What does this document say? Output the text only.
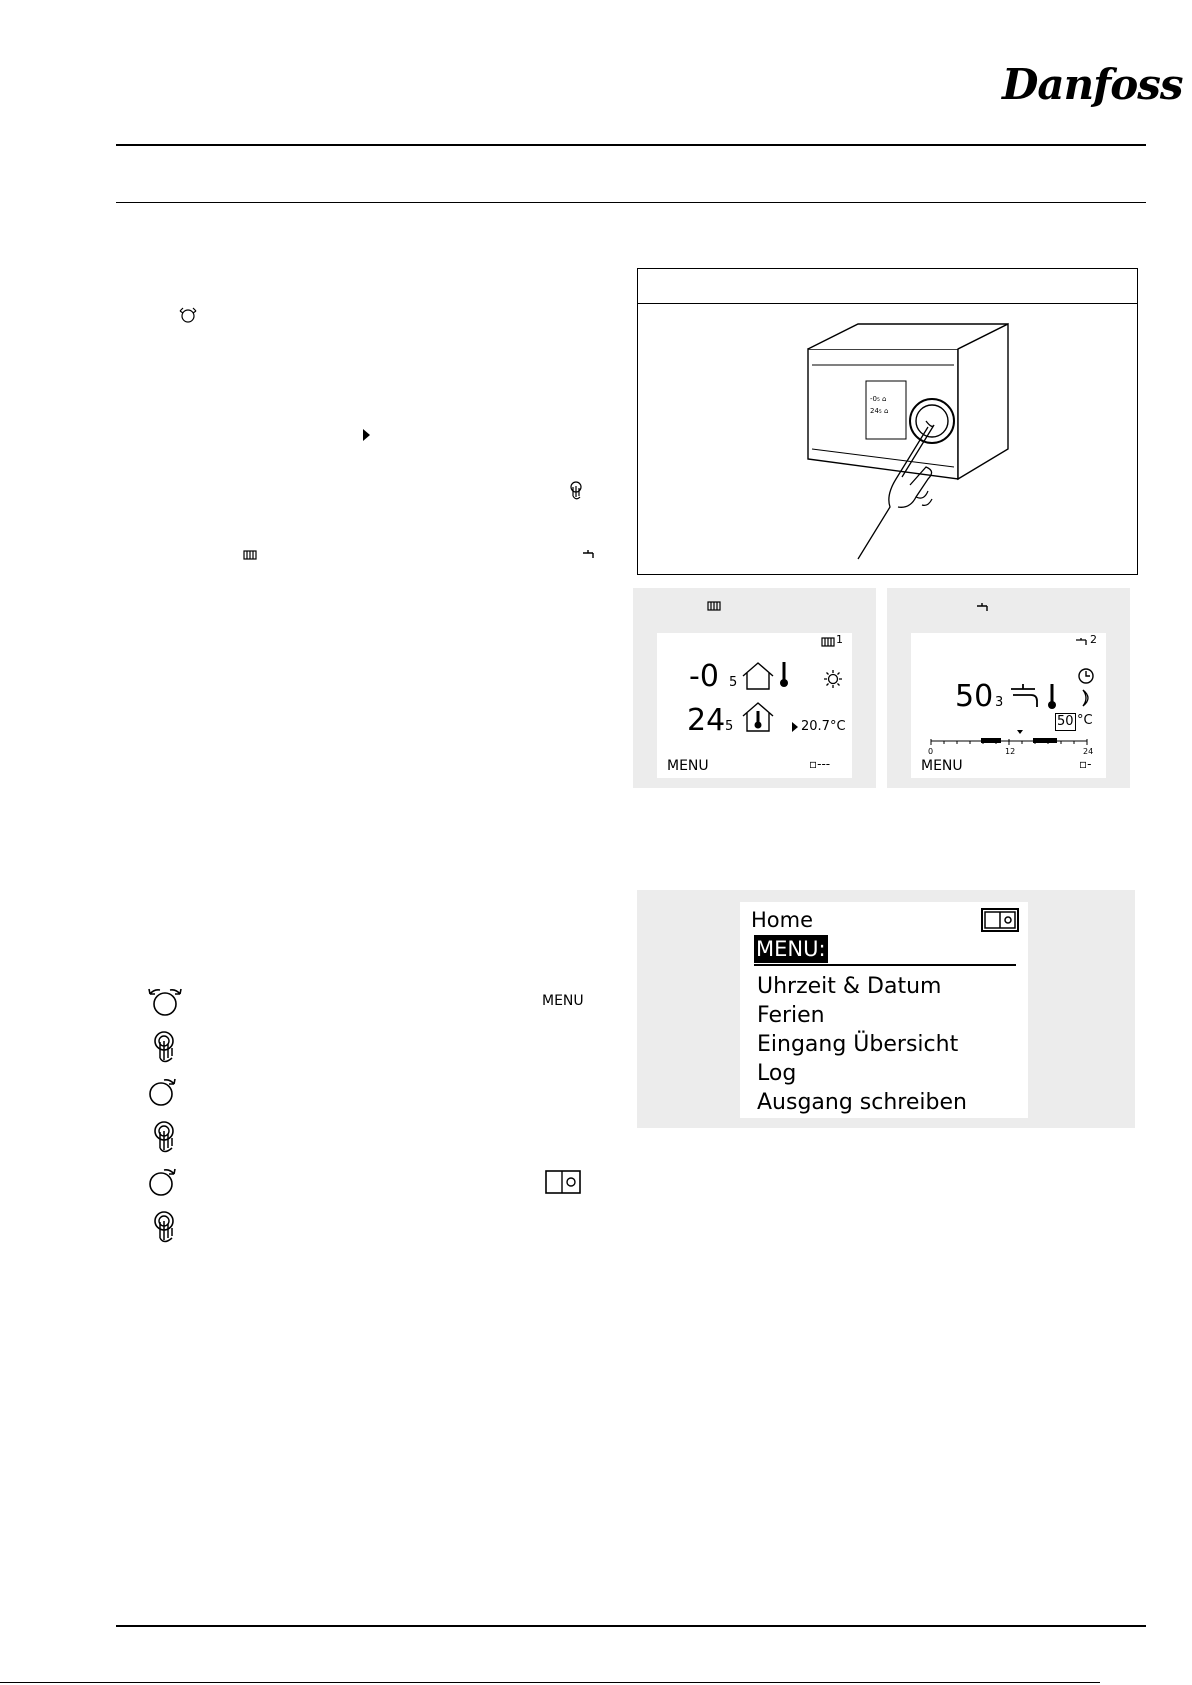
Danfoss
-0₅ ⌂
24₅ ⌂
1
-0 5
24 5	20.7°C
MENU	▫‑‑‑
2
50 3
50 °C
0	12	24
MENU	▫‑
Home
MENU:
Uhrzeit & Datum
Ferien
Eingang Übersicht
Log
Ausgang schreiben
MENU
